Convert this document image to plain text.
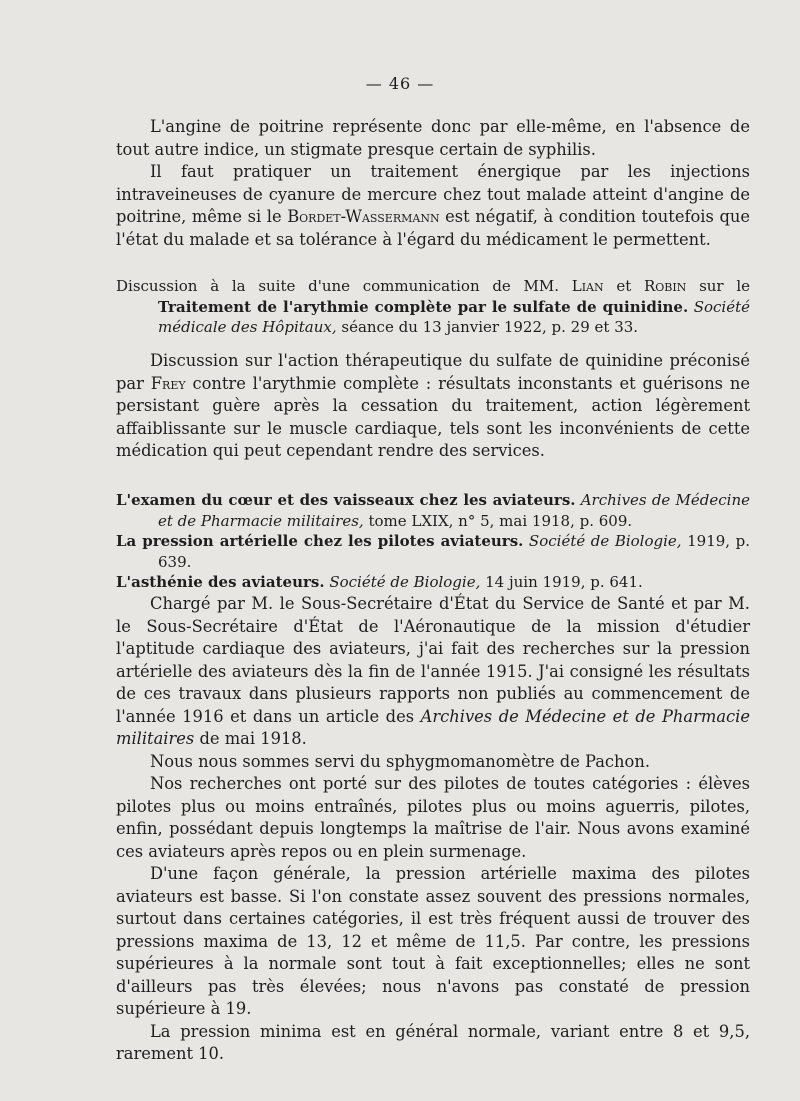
— 46 —

L'angine de poitrine représente donc par elle-même, en l'absence de tout autre indice, un stigmate presque certain de syphilis.

Il faut pratiquer un traitement énergique par les injections intraveineuses de cyanure de mercure chez tout malade atteint d'angine de poitrine, même si le Bordet-Wassermann est négatif, à condition toutefois que l'état du malade et sa tolérance à l'égard du médicament le permettent.

Discussion à la suite d'une communication de MM. Lian et Robin sur le Traitement de l'arythmie complète par le sulfate de quinidine. Société médicale des Hôpitaux, séance du 13 janvier 1922, p. 29 et 33.

Discussion sur l'action thérapeutique du sulfate de quinidine préconisé par Frey contre l'arythmie complète : résultats inconstants et guérisons ne persistant guère après la cessation du traitement, action légèrement affaiblissante sur le muscle cardiaque, tels sont les inconvénients de cette médication qui peut cependant rendre des services.

L'examen du cœur et des vaisseaux chez les aviateurs. Archives de Médecine et de Pharmacie militaires, tome LXIX, n° 5, mai 1918, p. 609.

La pression artérielle chez les pilotes aviateurs. Société de Biologie, 1919, p. 639.

L'asthénie des aviateurs. Société de Biologie, 14 juin 1919, p. 641.

Chargé par M. le Sous-Secrétaire d'État du Service de Santé et par M. le Sous-Secrétaire d'État de l'Aéronautique de la mission d'étudier l'aptitude cardiaque des aviateurs, j'ai fait des recherches sur la pression artérielle des aviateurs dès la fin de l'année 1915. J'ai consigné les résultats de ces travaux dans plusieurs rapports non publiés au commencement de l'année 1916 et dans un article des Archives de Médecine et de Pharmacie militaires de mai 1918.

Nous nous sommes servi du sphygmomanomètre de Pachon.

Nos recherches ont porté sur des pilotes de toutes catégories : élèves pilotes plus ou moins entraînés, pilotes plus ou moins aguerris, pilotes, enfin, possédant depuis longtemps la maîtrise de l'air. Nous avons examiné ces aviateurs après repos ou en plein surmenage.

D'une façon générale, la pression artérielle maxima des pilotes aviateurs est basse. Si l'on constate assez souvent des pressions normales, surtout dans certaines catégories, il est très fréquent aussi de trouver des pressions maxima de 13, 12 et même de 11,5. Par contre, les pressions supérieures à la normale sont tout à fait exceptionnelles; elles ne sont d'ailleurs pas très élevées; nous n'avons pas constaté de pression supérieure à 19.

La pression minima est en général normale, variant entre 8 et 9,5, rarement 10.
